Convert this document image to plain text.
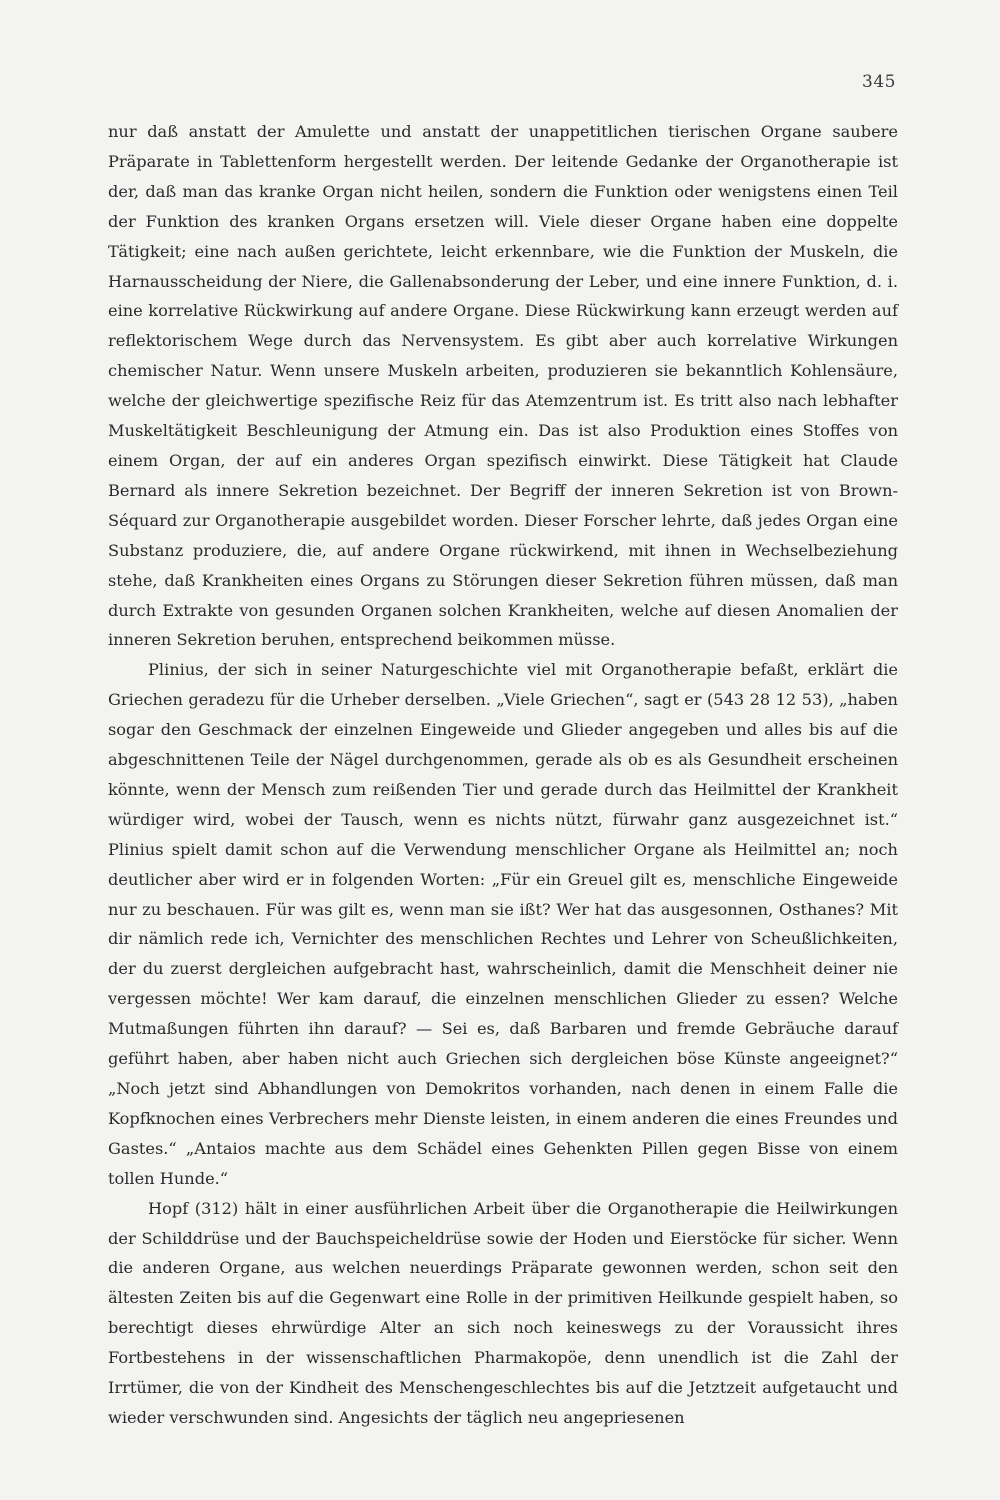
345

nur daß anstatt der Amulette und anstatt der unappetitlichen tierischen Organe saubere Präparate in Tablettenform hergestellt werden. Der leitende Gedanke der Organotherapie ist der, daß man das kranke Organ nicht heilen, sondern die Funktion oder wenigstens einen Teil der Funktion des kranken Organs ersetzen will. Viele dieser Organe haben eine doppelte Tätigkeit; eine nach außen gerichtete, leicht erkennbare, wie die Funktion der Muskeln, die Harnausscheidung der Niere, die Gallenabsonderung der Leber, und eine innere Funktion, d. i. eine korrelative Rückwirkung auf andere Organe. Diese Rückwirkung kann erzeugt werden auf reflektorischem Wege durch das Nervensystem. Es gibt aber auch korrelative Wirkungen chemischer Natur. Wenn unsere Muskeln arbeiten, produzieren sie bekanntlich Kohlensäure, welche der gleichwertige spezifische Reiz für das Atemzentrum ist. Es tritt also nach lebhafter Muskeltätigkeit Beschleunigung der Atmung ein. Das ist also Produktion eines Stoffes von einem Organ, der auf ein anderes Organ spezifisch einwirkt. Diese Tätigkeit hat Claude Bernard als innere Sekretion bezeichnet. Der Begriff der inneren Sekretion ist von Brown-Séquard zur Organotherapie ausgebildet worden. Dieser Forscher lehrte, daß jedes Organ eine Substanz produziere, die, auf andere Organe rückwirkend, mit ihnen in Wechselbeziehung stehe, daß Krankheiten eines Organs zu Störungen dieser Sekretion führen müssen, daß man durch Extrakte von gesunden Organen solchen Krankheiten, welche auf diesen Anomalien der inneren Sekretion beruhen, entsprechend beikommen müsse.

Plinius, der sich in seiner Naturgeschichte viel mit Organotherapie befaßt, erklärt die Griechen geradezu für die Urheber derselben. „Viele Griechen“, sagt er (543 28 12 53), „haben sogar den Geschmack der einzelnen Eingeweide und Glieder angegeben und alles bis auf die abgeschnittenen Teile der Nägel durchgenommen, gerade als ob es als Gesundheit erscheinen könnte, wenn der Mensch zum reißenden Tier und gerade durch das Heilmittel der Krankheit würdiger wird, wobei der Tausch, wenn es nichts nützt, fürwahr ganz ausgezeichnet ist.“ Plinius spielt damit schon auf die Verwendung menschlicher Organe als Heilmittel an; noch deutlicher aber wird er in folgenden Worten: „Für ein Greuel gilt es, menschliche Eingeweide nur zu beschauen. Für was gilt es, wenn man sie ißt? Wer hat das ausgesonnen, Osthanes? Mit dir nämlich rede ich, Vernichter des menschlichen Rechtes und Lehrer von Scheußlichkeiten, der du zuerst dergleichen aufgebracht hast, wahrscheinlich, damit die Menschheit deiner nie vergessen möchte! Wer kam darauf, die einzelnen menschlichen Glieder zu essen? Welche Mutmaßungen führten ihn darauf? — Sei es, daß Barbaren und fremde Gebräuche darauf geführt haben, aber haben nicht auch Griechen sich dergleichen böse Künste angeeignet?“ „Noch jetzt sind Abhandlungen von Demokritos vorhanden, nach denen in einem Falle die Kopfknochen eines Verbrechers mehr Dienste leisten, in einem anderen die eines Freundes und Gastes.“ „Antaios machte aus dem Schädel eines Gehenkten Pillen gegen Bisse von einem tollen Hunde.“

Hopf (312) hält in einer ausführlichen Arbeit über die Organotherapie die Heilwirkungen der Schilddrüse und der Bauchspeicheldrüse sowie der Hoden und Eierstöcke für sicher. Wenn die anderen Organe, aus welchen neuerdings Präparate gewonnen werden, schon seit den ältesten Zeiten bis auf die Gegenwart eine Rolle in der primitiven Heilkunde gespielt haben, so berechtigt dieses ehrwürdige Alter an sich noch keineswegs zu der Voraussicht ihres Fortbestehens in der wissenschaftlichen Pharmakopöe, denn unendlich ist die Zahl der Irrtümer, die von der Kindheit des Menschengeschlechtes bis auf die Jetztzeit aufgetaucht und wieder verschwunden sind. Angesichts der täglich neu angepriesenen
